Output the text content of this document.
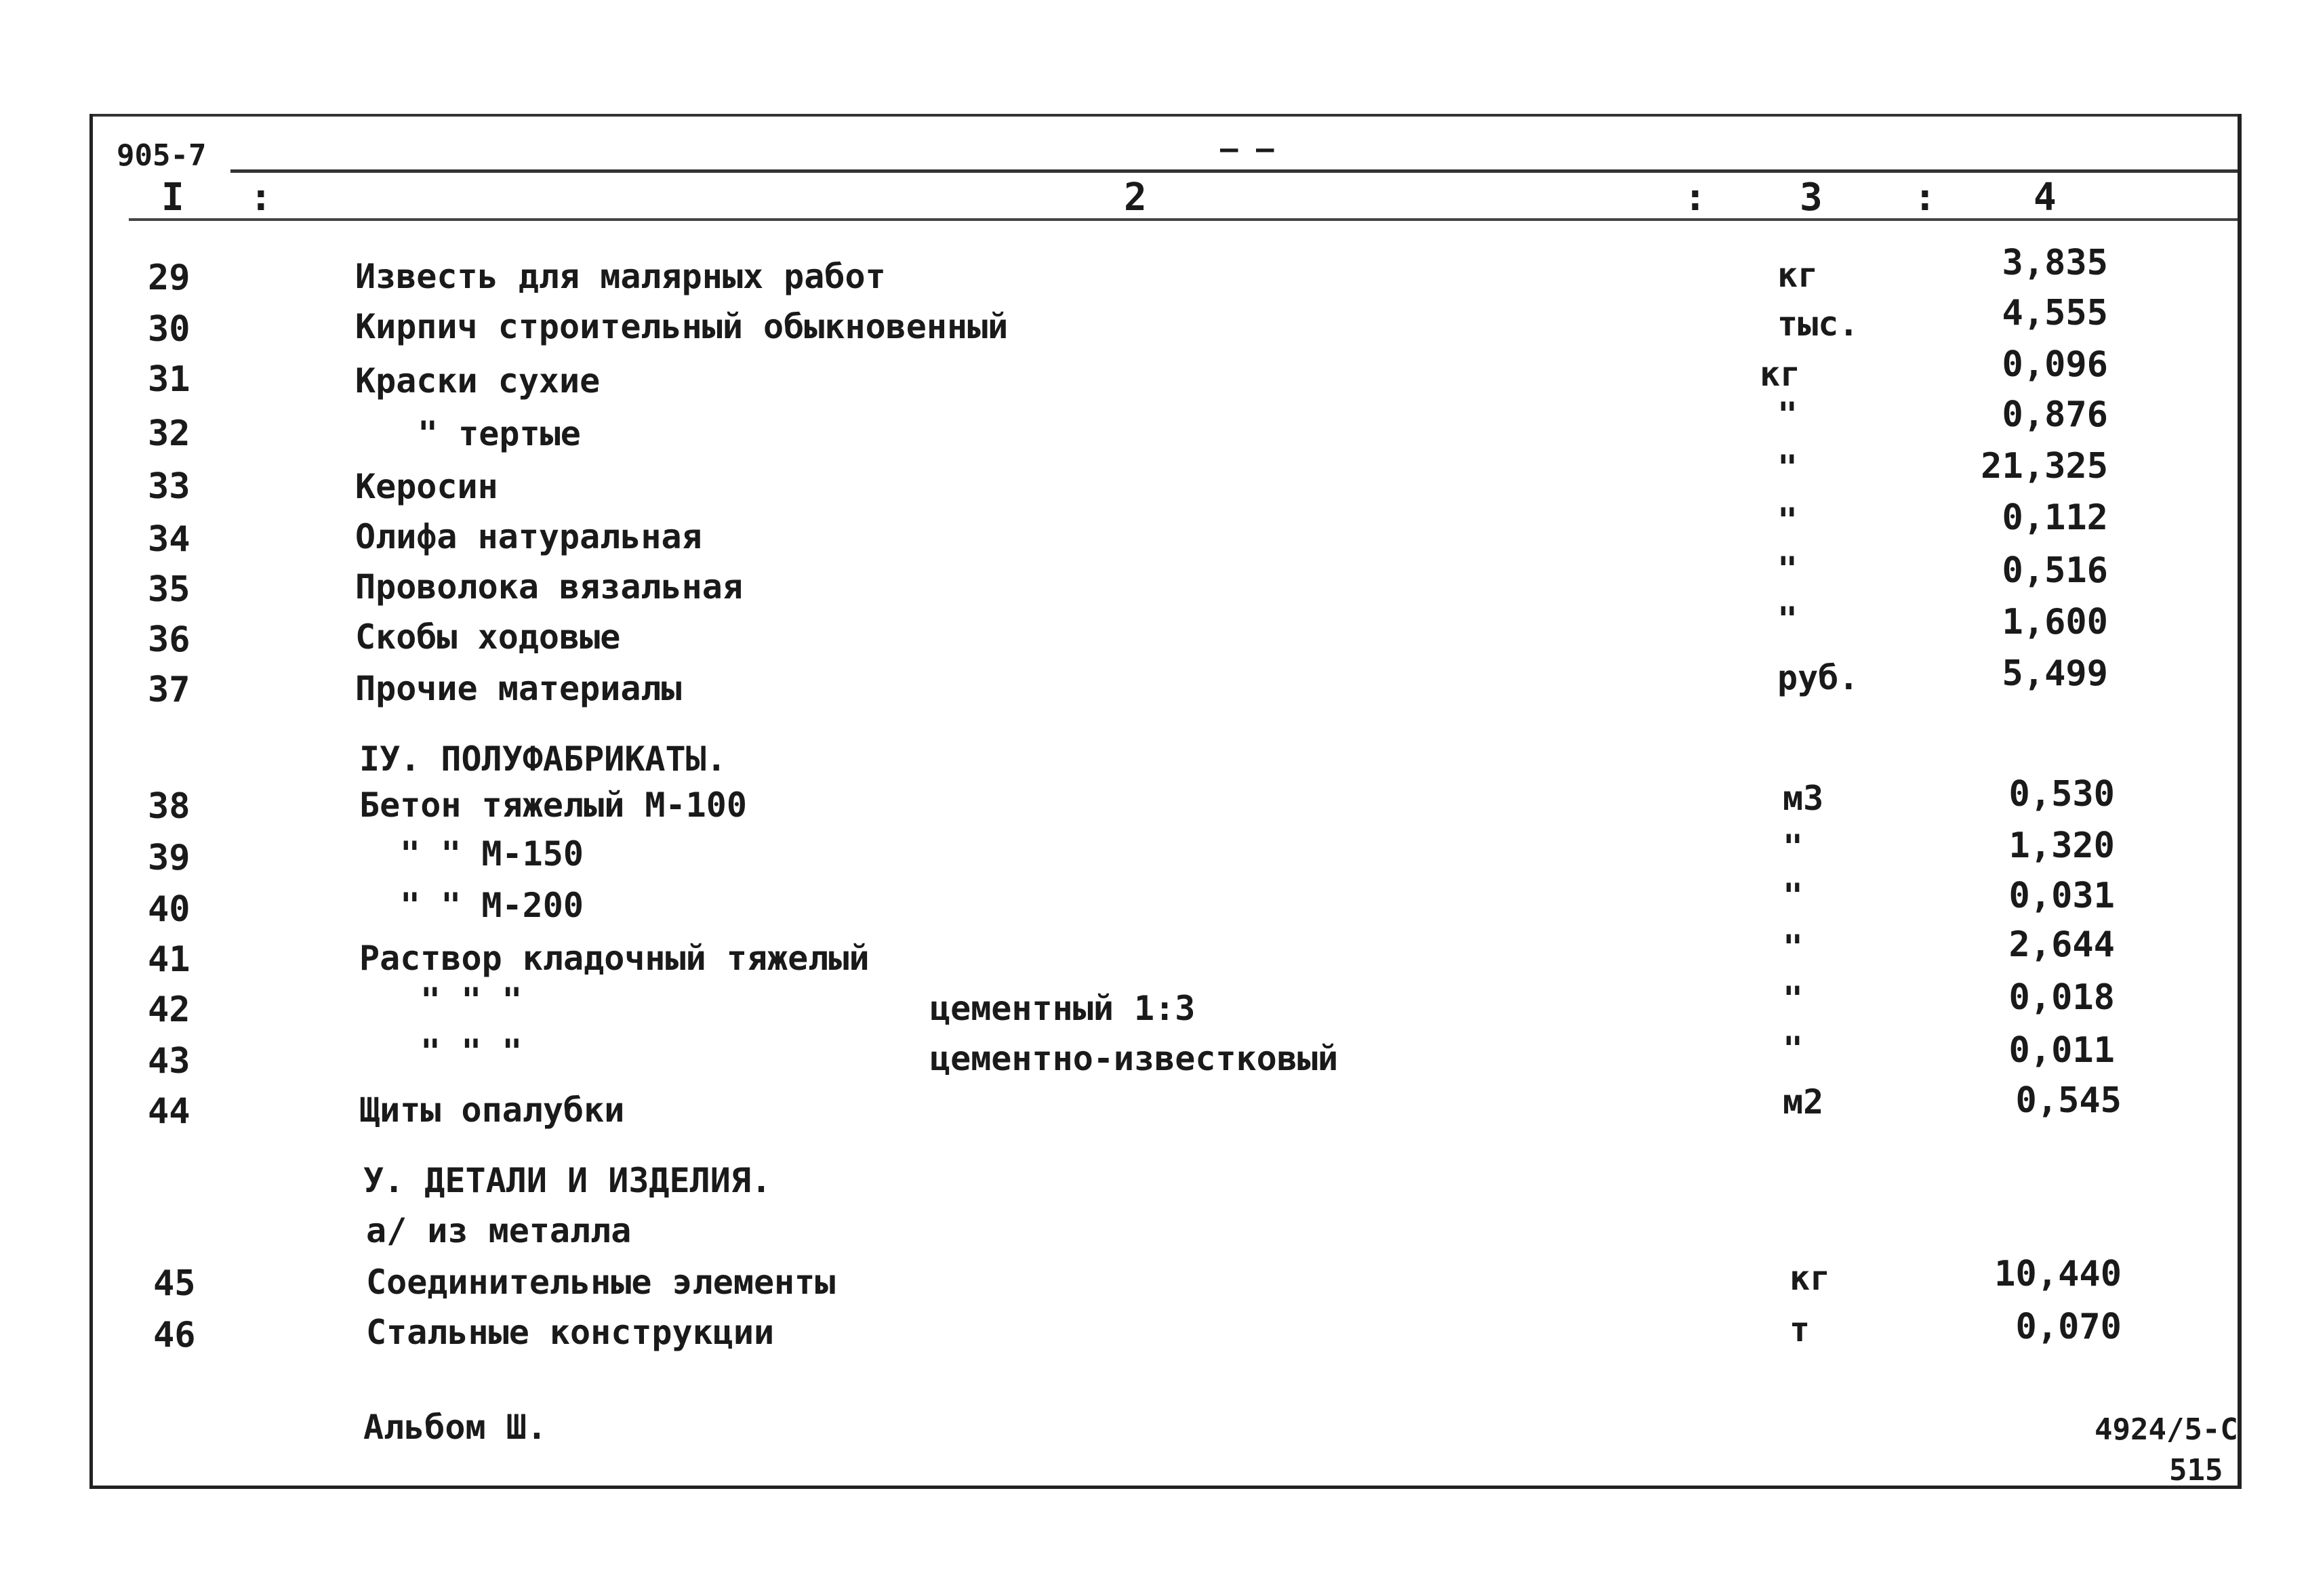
905-7	– –
I :	2	: 3 :	4
29	Известь для малярных работ	кг	3,835
30	Кирпич строительный обыкновенный	тыс.	4,555
31	Краски сухие	кг	0,096
32	" тертые	"	0,876
33	Керосин	"	21,325
34	Олифа натуральная	"	0,112
35	Проволока вязальная	"	0,516
36	Скобы ходовые	"	1,600
37	Прочие материалы	руб.	5,499
IУ. ПОЛУФАБРИКАТЫ.
38	Бетон тяжелый М-100	м3	0,530
39	" " М-150	"	1,320
40	" " М-200	"	0,031
41	Раствор кладочный тяжелый	"	2,644
42	" " "	цементный 1:3	"	0,018
43	" " "	цементно-известковый	"	0,011
44	Щиты опалубки	м2	0,545
У. ДЕТАЛИ И ИЗДЕЛИЯ.
а/ из металла
45	Соединительные элементы	кг	10,440
46	Стальные конструкции	т	0,070
Альбом Ш.	4924/5-С
515
